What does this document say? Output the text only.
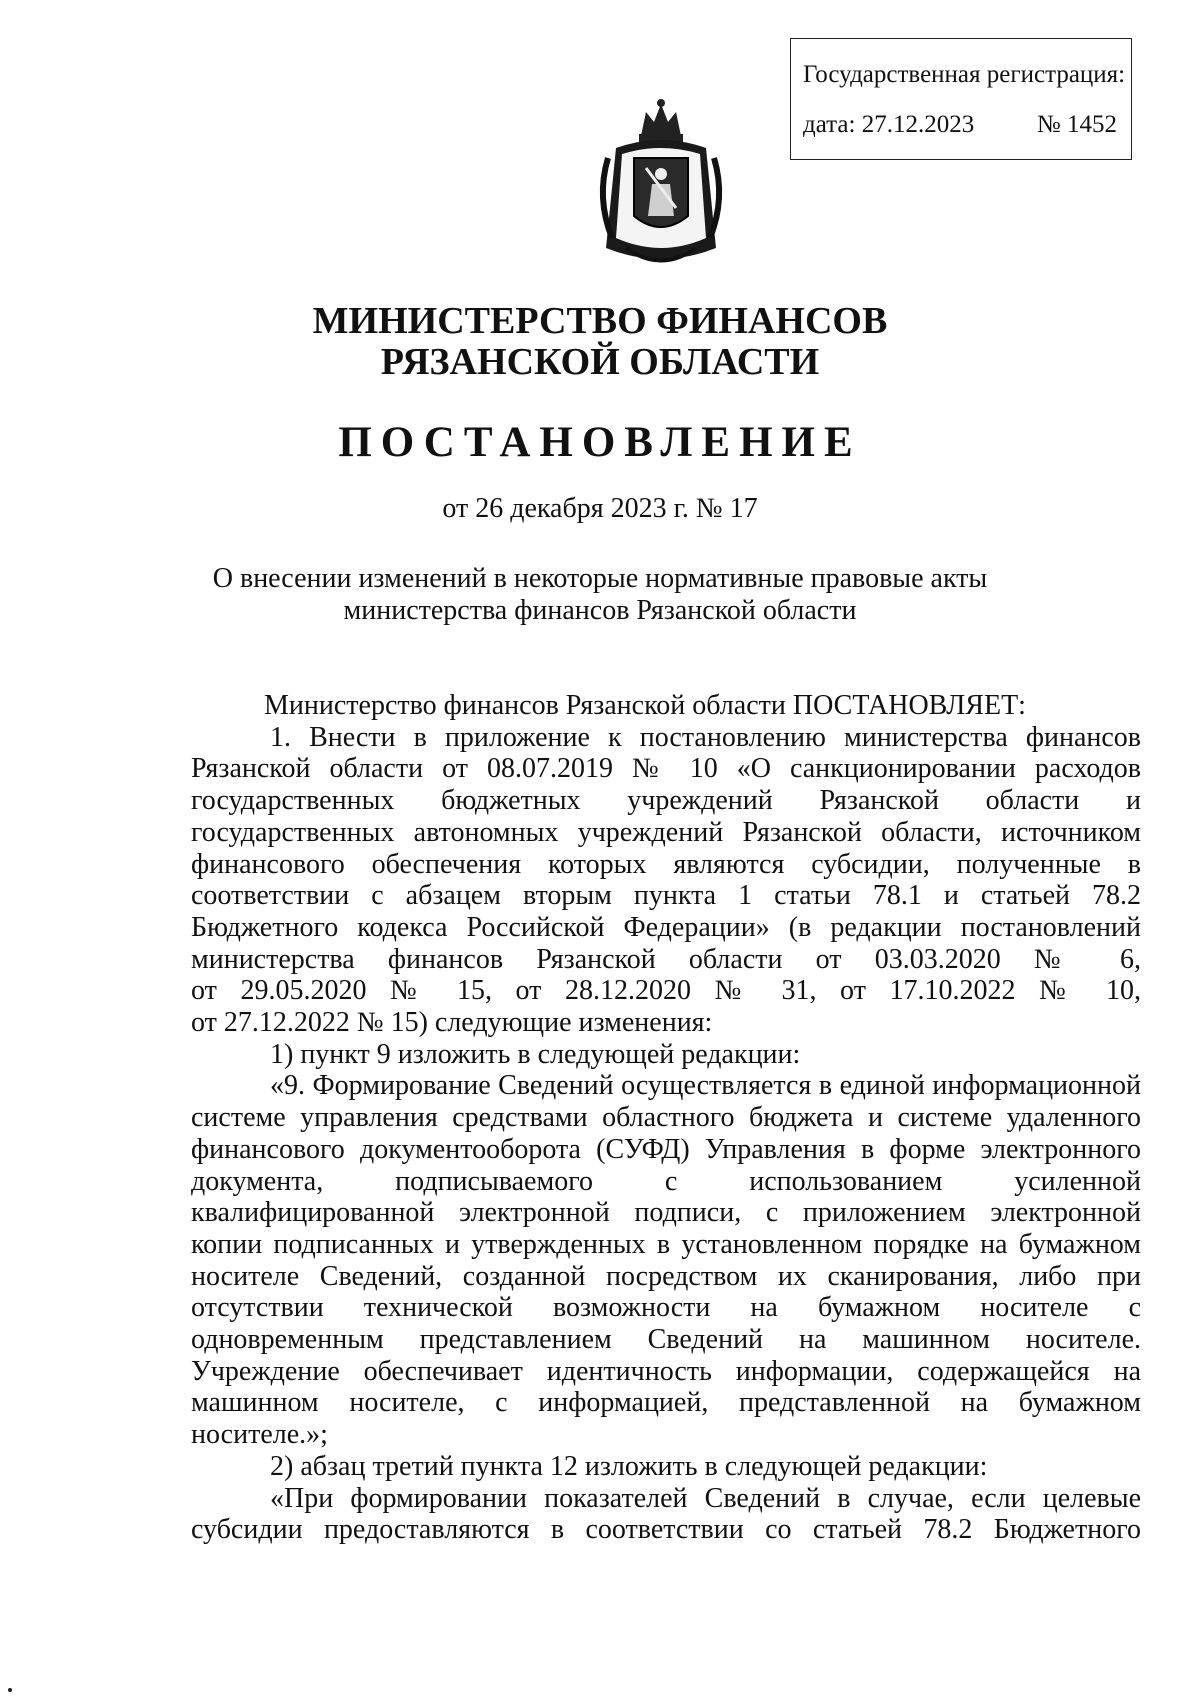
Государственная регистрация:
дата: 27.12.2023	№ 1452
МИНИСТЕРСТВО ФИНАНСОВ
РЯЗАНСКОЙ ОБЛАСТИ
ПОСТАНОВЛЕНИЕ
от 26 декабря 2023 г. № 17
О внесении изменений в некоторые нормативные правовые акты
министерства финансов Рязанской области

Министерство финансов Рязанской области ПОСТАНОВЛЯЕТ:

1. Внести в приложение к постановлению министерства финансов

Рязанской области от 08.07.2019 № 10 «О санкционировании расходов

государственных бюджетных учреждений Рязанской области и

государственных автономных учреждений Рязанской области, источником

финансового обеспечения которых являются субсидии, полученные в

соответствии с абзацем вторым пункта 1 статьи 78.1 и статьей 78.2

Бюджетного кодекса Российской Федерации» (в редакции постановлений

министерства финансов Рязанской области от 03.03.2020 № 6,

от 29.05.2020 № 15, от 28.12.2020 № 31, от 17.10.2022 № 10,

от 27.12.2022 № 15) следующие изменения:

1) пункт 9 изложить в следующей редакции:

«9. Формирование Сведений осуществляется в единой информационной

системе управления средствами областного бюджета и системе удаленного

финансового документооборота (СУФД) Управления в форме электронного

документа, подписываемого с использованием усиленной

квалифицированной электронной подписи, с приложением электронной

копии подписанных и утвержденных в установленном порядке на бумажном

носителе Сведений, созданной посредством их сканирования, либо при

отсутствии технической возможности на бумажном носителе с

одновременным представлением Сведений на машинном носителе.

Учреждение обеспечивает идентичность информации, содержащейся на

машинном носителе, с информацией, представленной на бумажном

носителе.»;

2) абзац третий пункта 12 изложить в следующей редакции:

«При формировании показателей Сведений в случае, если целевые

субсидии предоставляются в соответствии со статьей 78.2 Бюджетного
